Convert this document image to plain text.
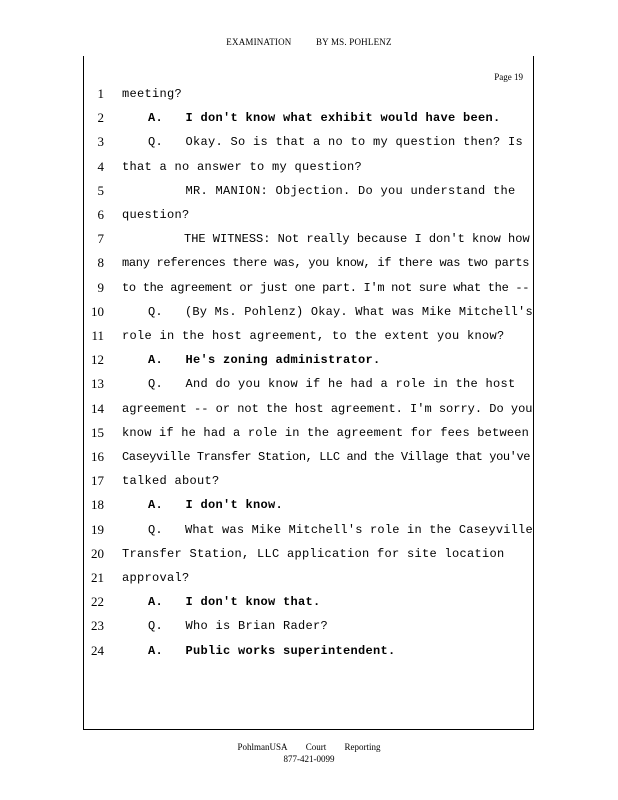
EXAMINATION	BY MS. POHLENZ
Page 19
1 meeting?
2	A.   I don't know what exhibit would have been.
3	Q.   Okay. So is that a no to my question then? Is
4 that a no answer to my question?
5	MR. MANION: Objection. Do you understand the
6 question?
7	THE WITNESS: Not really because I don't know how
8 many references there was, you know, if there was two parts
9 to the agreement or just one part. I'm not sure what the --
10	Q.   (By Ms. Pohlenz) Okay. What was Mike Mitchell's
11 role in the host agreement, to the extent you know?
12	A.   He's zoning administrator.
13	Q.   And do you know if he had a role in the host
14 agreement -- or not the host agreement. I'm sorry. Do you
15 know if he had a role in the agreement for fees between
16 Caseyville Transfer Station, LLC and the Village that you've
17 talked about?
18	A.   I don't know.
19	Q.   What was Mike Mitchell's role in the Caseyville
20 Transfer Station, LLC application for site location
21 approval?
22	A.   I don't know that.
23	Q.   Who is Brian Rader?
24	A.   Public works superintendent.
PohlmanUSA Court Reporting
877-421-0099
